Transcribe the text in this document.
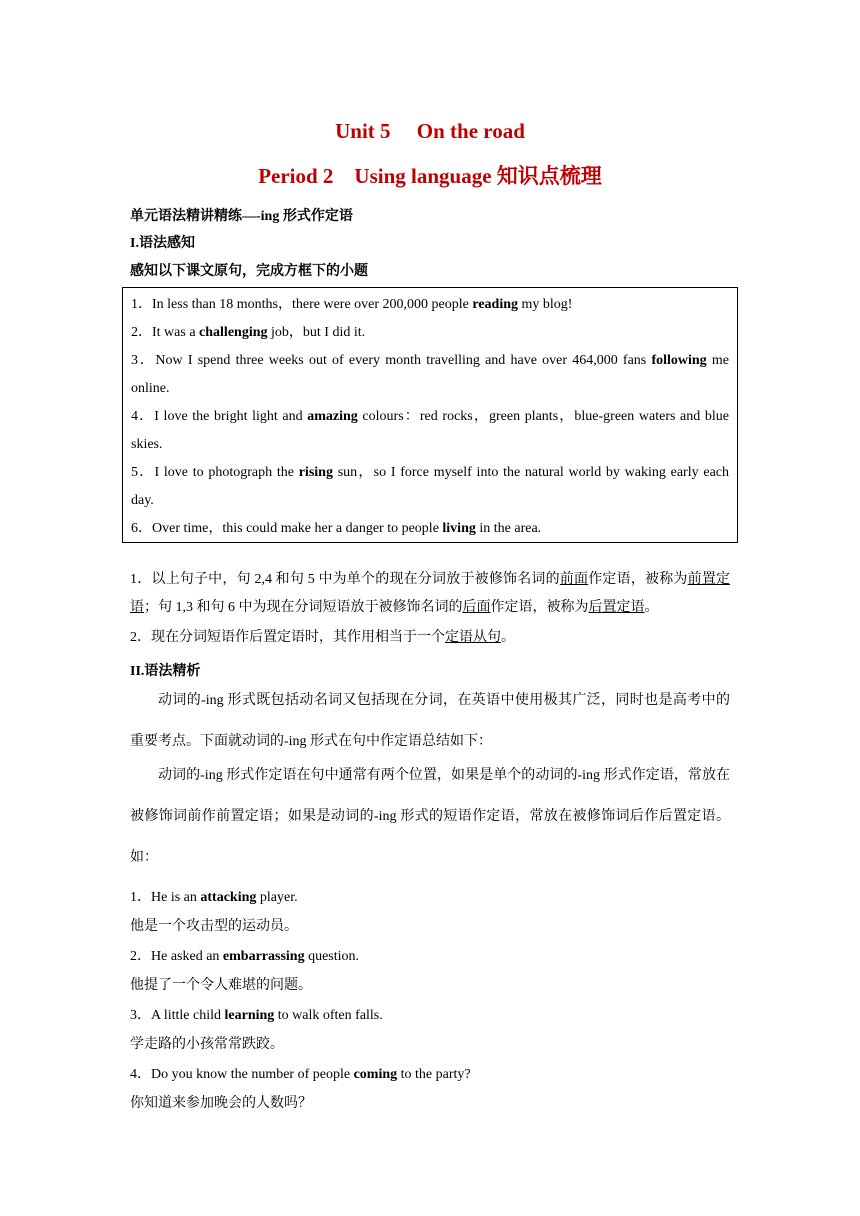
Unit 5　 On the road
Period 2　Using language 知识点梳理
单元语法精讲精练—-ing 形式作定语
I.语法感知
感知以下课文原句，完成方框下的小题

1．In less than 18 months，there were over 200,000 people reading my blog!

2．It was a challenging job，but I did it.

3．Now I spend three weeks out of every month travelling and have over 464,000 fans following me online.

4．I love the bright light and amazing colours：red rocks，green plants，blue-green waters and blue skies.

5．I love to photograph the rising sun，so I force myself into the natural world by waking early each day.

6．Over time，this could make her a danger to people living in the area.

1．以上句子中，句 2,4 和句 5 中为单个的现在分词放于被修饰名词的前面作定语，被称为前置定语；句 1,3 和句 6 中为现在分词短语放于被修饰名词的后面作定语，被称为后置定语。

2．现在分词短语作后置定语时，其作用相当于一个定语从句。

II.语法精析

动词的-ing 形式既包括动名词又包括现在分词，在英语中使用极其广泛，同时也是高考中的重要考点。下面就动词的-ing 形式在句中作定语总结如下：

动词的-ing 形式作定语在句中通常有两个位置，如果是单个的动词的-ing 形式作定语，常放在被修饰词前作前置定语；如果是动词的-ing 形式的短语作定语，常放在被修饰词后作后置定语。如：

1．He is an attacking player.
他是一个攻击型的运动员。
2．He asked an embarrassing question.
他提了一个令人难堪的问题。
3．A little child learning to walk often falls.
学走路的小孩常常跌跤。
4．Do you know the number of people coming to the party?
你知道来参加晚会的人数吗？
